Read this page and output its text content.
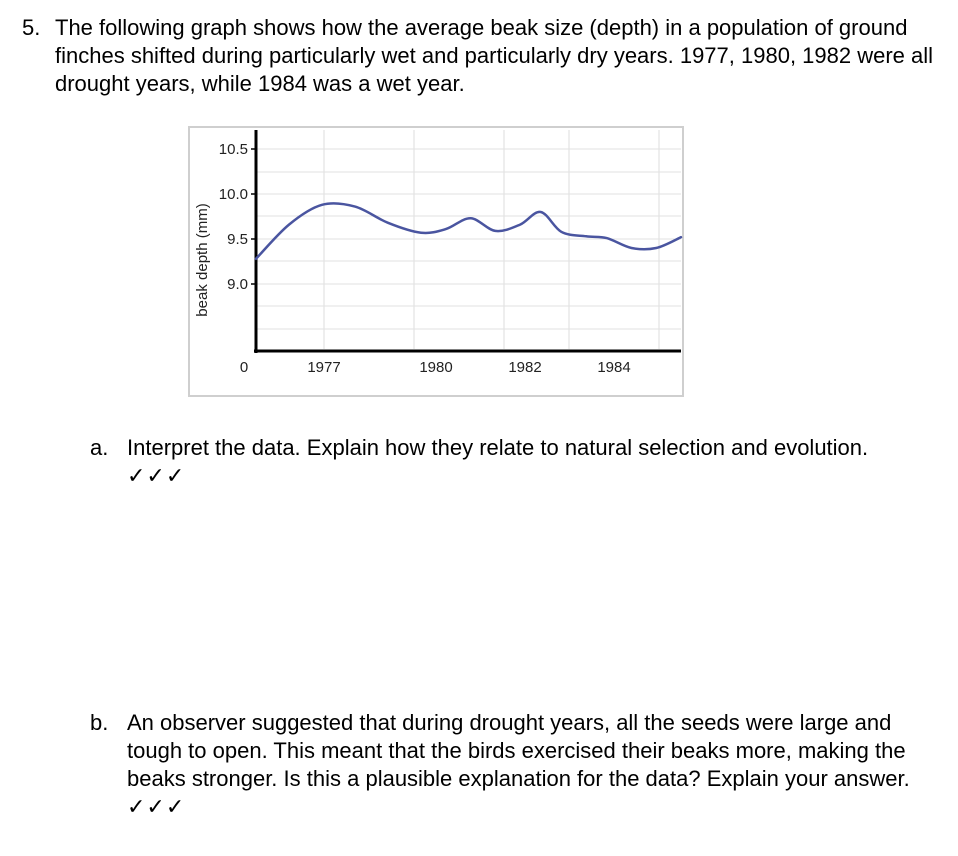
5. The following graph shows how the average beak size (depth) in a population of ground finches shifted during particularly wet and particularly dry years. 1977, 1980, 1982 were all drought years, while 1984 was a wet year.
10.5
10.0
9.5
9.0
1977	1980	1982	1984
0
beak depth (mm)
a. Interpret the data. Explain how they relate to natural selection and evolution. ✓✓✓
b. An observer suggested that during drought years, all the seeds were large and tough to open. This meant that the birds exercised their beaks more, making the beaks stronger. Is this a plausible explanation for the data? Explain your answer. ✓✓✓
